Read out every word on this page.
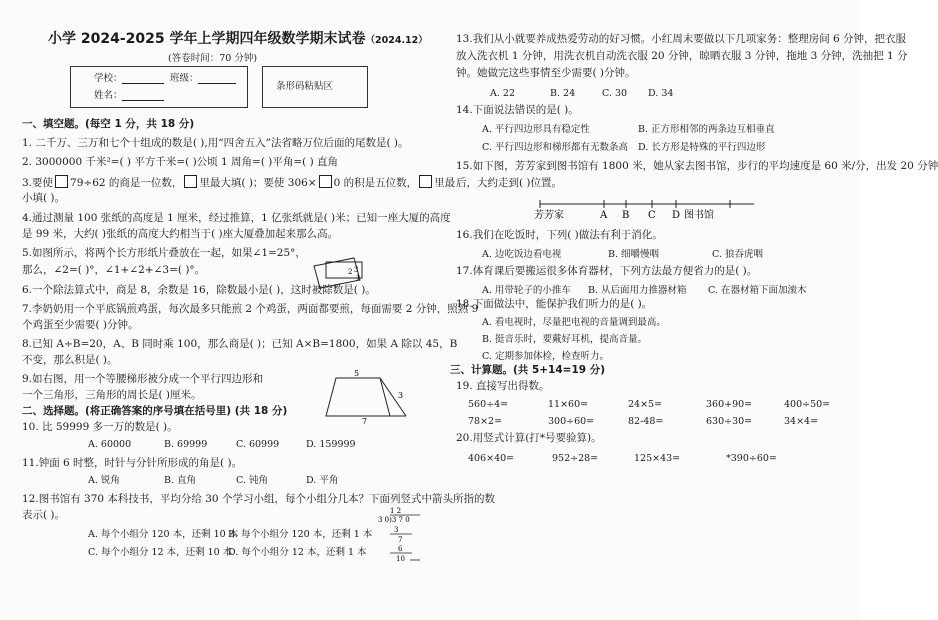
小学 2024-2025 学年上学期四年级数学期末试卷（2024.12）
(答卷时间：70 分钟)
学校：	班级：
姓名：
条形码粘贴区
一、填空题。(每空 1 分，共 18 分)
1. 二千万、三万和七个十组成的数是( ),用“四舍五入”法省略万位后面的尾数是( )。
2. 3000000 千米²=( ) 平方千米=( )公顷 1 周角=( )平角=( ) 直角
3.要使 79÷62 的商是一位数， 里最大填( )；要使 306× 0 的积是五位数， 里最
小填( )。
4.通过测量 100 张纸的高度是 1 厘米，经过推算，1 亿张纸就是( )米；已知一座大厦的高度
是 99 米，大约( )张纸的高度大约相当于( )座大厦叠加起来那么高。
5.如图所示，将两个长方形纸片叠放在一起，如果∠1=25°，
那么，∠2=( )°，∠1+∠2+∠3=( )°。	2 3
1
6.一个除法算式中，商是 8，余数是 16，除数最小是( )，这时被除数是( )。
7.李奶奶用一个平底锅煎鸡蛋，每次最多只能煎 2 个鸡蛋，两面都要煎，每面需要 2 分钟，照熟 9
个鸡蛋至少需要( )分钟。
8.已知 A÷B=20，A、B 同时乘 100，那么商是( )；已知 A×B=1800，如果 A 除以 45，B
不变，那么积是( )。
9.如右图，用一个等腰梯形被分成一个平行四边形和
一个三角形，三角形的周长是( )厘米。
5
3
7
二、选择题。(将正确答案的序号填在括号里) (共 18 分)
10. 比 59999 多一万的数是( )。
A. 60000	B. 69999	C. 60999	D. 159999
11.钟面 6 时整，时针与分针所形成的角是( )。
A. 锐角	B. 直角	C. 钝角	D. 平角
12.图书馆有 370 本科技书，平均分给 30 个学习小组，每个小组分几本？下面列竖式中箭头所指的数
表示( )。
A. 每个小组分 120 本，还剩 10 本
B. 每个小组分 120 本，还剩 1 本
C. 每个小组分 12 本，还剩 10 本
D. 每个小组分 12 本，还剩 1 本
1 2
3 0)3 7 0
3
7
6
10
13.我们从小就要养成热爱劳动的好习惯。小红周末要做以下几项家务：整理房间 6 分钟，把衣服
放入洗衣机 1 分钟，用洗衣机自动洗衣服 20 分钟，晾晒衣服 3 分钟，拖地 3 分钟，洗抽把 1 分
钟。她做完这些事情至少需要( )分钟。
A. 22	B. 24	C. 30 D. 34
14.下面说法错误的是( )。
A. 平行四边形具有稳定性	B. 正方形相邻的两条边互相垂直
C. 平行四边形和梯形都有无数条高 D. 长方形是特殊的平行四边形
15.如下图，芳芳家到图书馆有 1800 米，她从家去图书馆，步行的平均速度是 60 米/分，出发 20 分钟
后，大约走到( )位置。
芳芳家	A B C D 图书馆
16.我们在吃饭时，下列( )做法有利于消化。
A. 边吃饭边看电视	B. 细嚼慢咽	C. 狼吞虎咽
17.体育课后要搬运很多体育器材，下列方法最方便省力的是( )。
A. 用带轮子的小推车 B. 从后面用力推器材箱 C. 在器材箱下面加滚木
18.下面做法中，能保护我们听力的是( )。
A. 看电视时，尽量把电视的音量调到最高。
B. 挺音乐时，要戴好耳机，提高音量。
C. 定期参加体检，检查听力。
三、计算题。(共 5+14=19 分)
19. 直接写出得数。
560÷4=	11×60=	24×5=	360+90=	400÷50=
78×2=	300÷60=	82-48=	630÷30=	34×4=
20.用竖式计算(打*号要验算)。
406×40=	952÷28=	125×43=	*390÷60=
